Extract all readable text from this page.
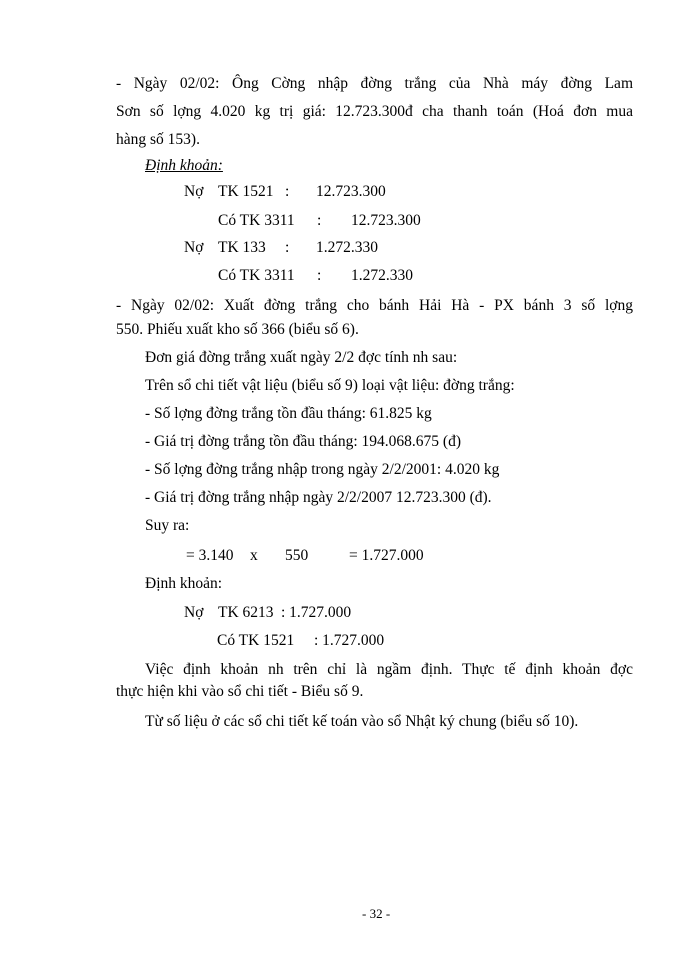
- Ngày 02/02: Ông Cờng nhập đờng trắng của Nhà máy đờng Lam
Sơn số lợng 4.020 kg trị giá: 12.723.300đ cha thanh toán (Hoá đơn mua
hàng số 153).
Định khoản:
Nợ TK 1521 : 12.723.300
Có TK 3311 : 12.723.300
Nợ TK 133 : 1.272.330
Có TK 3311 : 1.272.330
- Ngày 02/02: Xuất đờng trắng cho bánh Hải Hà - PX bánh 3 số lợng
550. Phiếu xuất kho số 366 (biểu số 6).
Đơn giá đờng trắng xuất ngày 2/2 đợc tính nh sau:
Trên sổ chi tiết vật liệu (biểu số 9) loại vật liệu: đờng trắng:
- Số lợng đờng trắng tồn đầu tháng: 61.825 kg
- Giá trị đờng trắng tồn đầu tháng: 194.068.675 (đ)
- Số lợng đờng trắng nhập trong ngày 2/2/2001: 4.020 kg
- Giá trị đờng trắng nhập ngày 2/2/2007 12.723.300 (đ).
Suy ra:
= 3.140 x 550	= 1.727.000
Định khoản:
Nợ TK 6213 : 1.727.000
Có TK 1521 : 1.727.000
Việc định khoản nh trên chỉ là ngầm định. Thực tế định khoản đợc
thực hiện khi vào sổ chi tiết - Biểu số 9.
Từ số liệu ở các sổ chi tiết kế toán vào sổ Nhật ký chung (biểu số 10).
- 32 -
